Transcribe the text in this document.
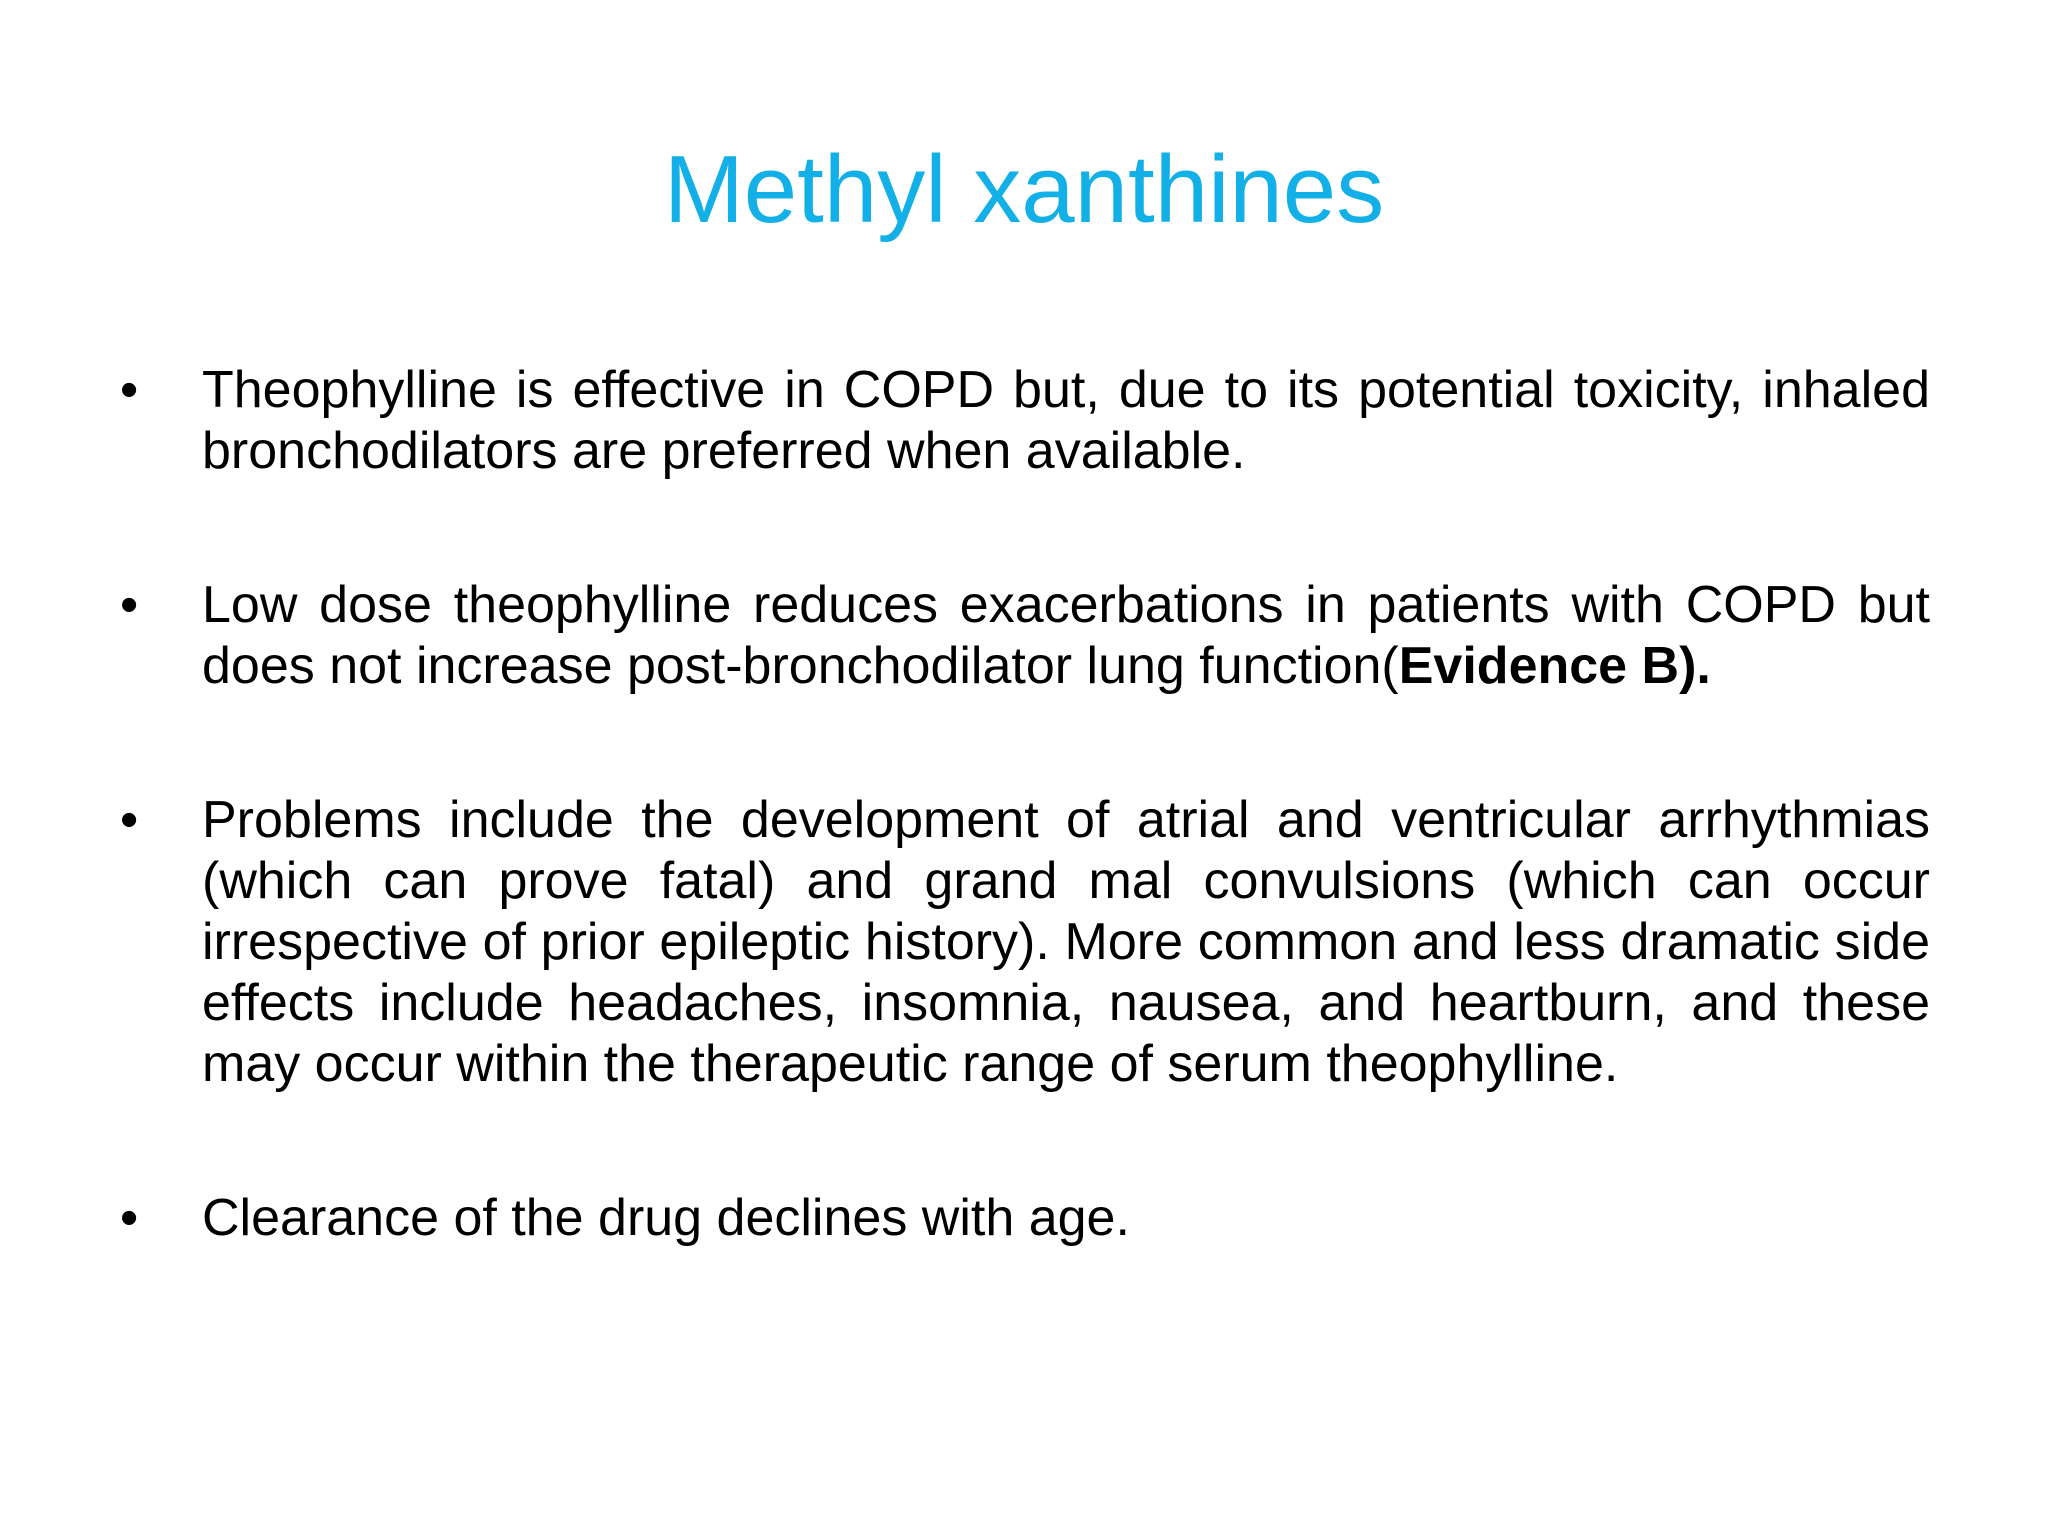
Methyl xanthines
•	Theophylline is effective in COPD but, due to its potential toxicity, inhaled bronchodilators are preferred when available.
•	Low dose theophylline reduces exacerbations in patients with COPD but does not increase post-bronchodilator lung function(Evidence B).
•	Problems include the development of atrial and ventricular arrhythmias (which can prove fatal) and grand mal convulsions (which can occur irrespective of prior epileptic history). More common and less dramatic side effects include headaches, insomnia, nausea, and heartburn, and these may occur within the therapeutic range of serum theophylline.
•	Clearance of the drug declines with age.
